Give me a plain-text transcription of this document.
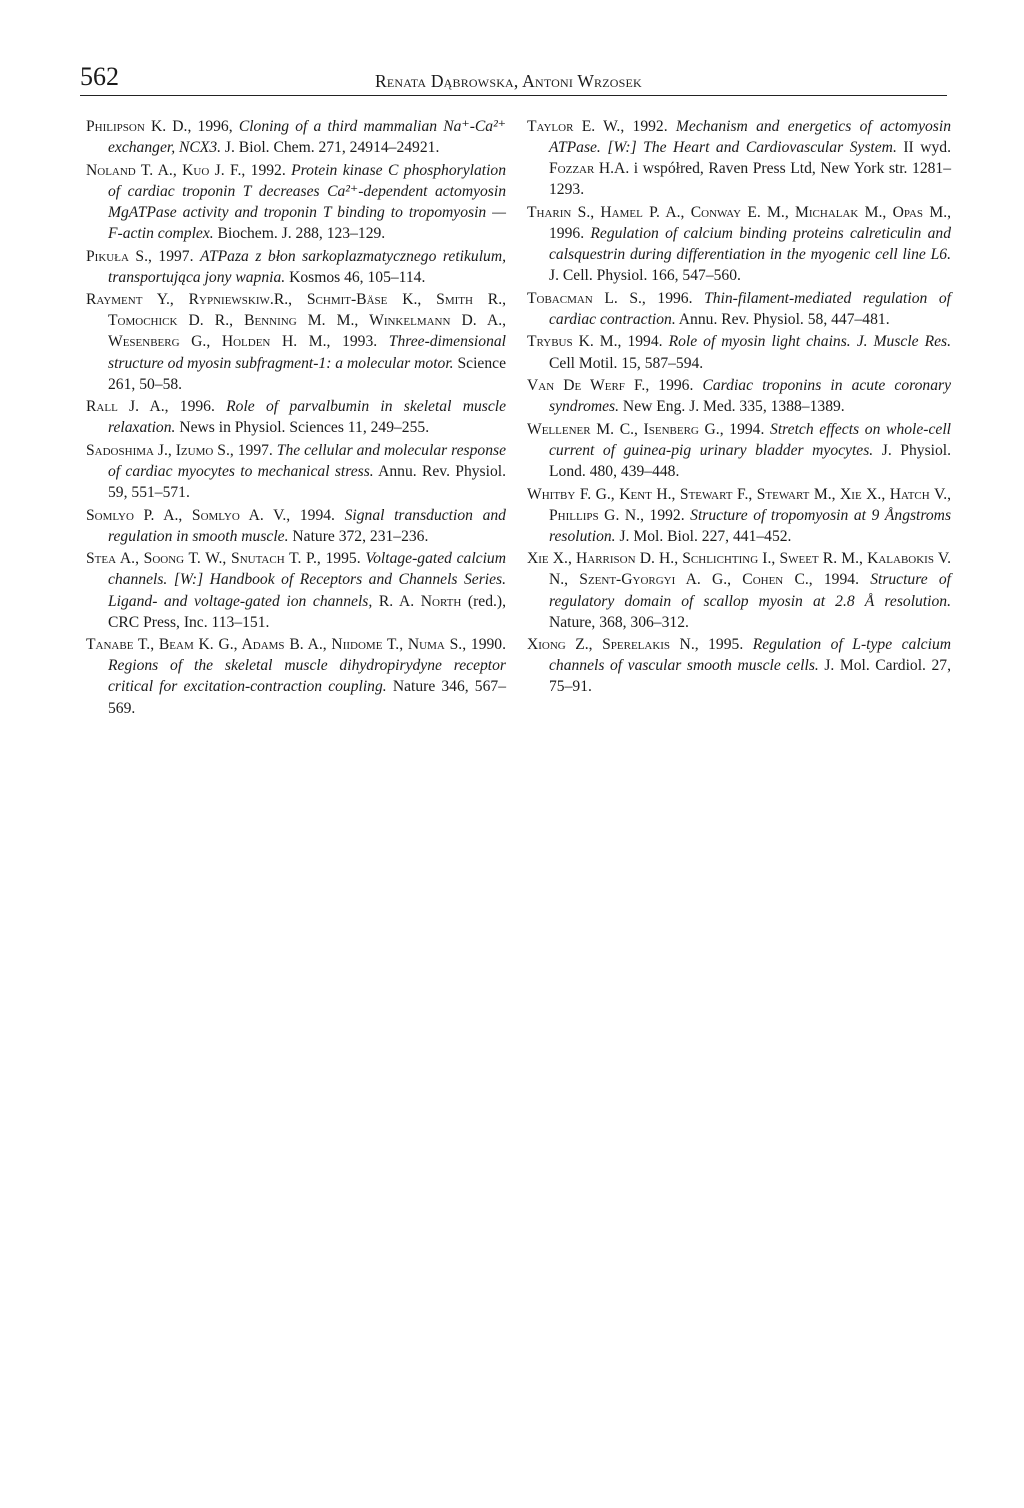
562	Renata Dąbrowska, Antoni Wrzosek

Philipson K. D., 1996, Cloning of a third mammalian Na⁺-Ca²⁺ exchanger, NCX3. J. Biol. Chem. 271, 24914–24921.

Noland T. A., Kuo J. F., 1992. Protein kinase C phosphorylation of cardiac troponin T decreases Ca²⁺-dependent actomyosin MgATPase activity and troponin T binding to tropomyosin — F-actin complex. Biochem. J. 288, 123–129.

Pikuła S., 1997. ATPaza z błon sarkoplazmatycznego retikulum, transportująca jony wapnia. Kosmos 46, 105–114.

Rayment Y., Rypniewskiw.R., Schmit-Bäse K., Smith R., Tomochick D. R., Benning M. M., Winkelmann D. A., Wesenberg G., Holden H. M., 1993. Three-dimensional structure od myosin subfragment-1: a molecular motor. Science 261, 50–58.

Rall J. A., 1996. Role of parvalbumin in skeletal muscle relaxation. News in Physiol. Sciences 11, 249–255.

Sadoshima J., Izumo S., 1997. The cellular and molecular response of cardiac myocytes to mechanical stress. Annu. Rev. Physiol. 59, 551–571.

Somlyo P. A., Somlyo A. V., 1994. Signal transduction and regulation in smooth muscle. Nature 372, 231–236.

Stea A., Soong T. W., Snutach T. P., 1995. Voltage-gated calcium channels. [W:] Handbook of Receptors and Channels Series. Ligand- and voltage-gated ion channels, R. A. North (red.), CRC Press, Inc. 113–151.

Tanabe T., Beam K. G., Adams B. A., Niidome T., Numa S., 1990. Regions of the skeletal muscle dihydropirydyne receptor critical for excitation-contraction coupling. Nature 346, 567–569.

Taylor E. W., 1992. Mechanism and energetics of actomyosin ATPase. [W:] The Heart and Cardiovascular System. II wyd. Fozzar H.A. i współred, Raven Press Ltd, New York str. 1281–1293.

Tharin S., Hamel P. A., Conway E. M., Michalak M., Opas M., 1996. Regulation of calcium binding proteins calreticulin and calsquestrin during differentiation in the myogenic cell line L6. J. Cell. Physiol. 166, 547–560.

Tobacman L. S., 1996. Thin-filament-mediated regulation of cardiac contraction. Annu. Rev. Physiol. 58, 447–481.

Trybus K. M., 1994. Role of myosin light chains. J. Muscle Res. Cell Motil. 15, 587–594.

Van De Werf F., 1996. Cardiac troponins in acute coronary syndromes. New Eng. J. Med. 335, 1388–1389.

Wellener M. C., Isenberg G., 1994. Stretch effects on whole-cell current of guinea-pig urinary bladder myocytes. J. Physiol. Lond. 480, 439–448.

Whitby F. G., Kent H., Stewart F., Stewart M., Xie X., Hatch V., Phillips G. N., 1992. Structure of tropomyosin at 9 Ångstroms resolution. J. Mol. Biol. 227, 441–452.

Xie X., Harrison D. H., Schlichting I., Sweet R. M., Kalabokis V. N., Szent-Gyorgyi A. G., Cohen C., 1994. Structure of regulatory domain of scallop myosin at 2.8 Å resolution. Nature, 368, 306–312.

Xiong Z., Sperelakis N., 1995. Regulation of L-type calcium channels of vascular smooth muscle cells. J. Mol. Cardiol. 27, 75–91.
